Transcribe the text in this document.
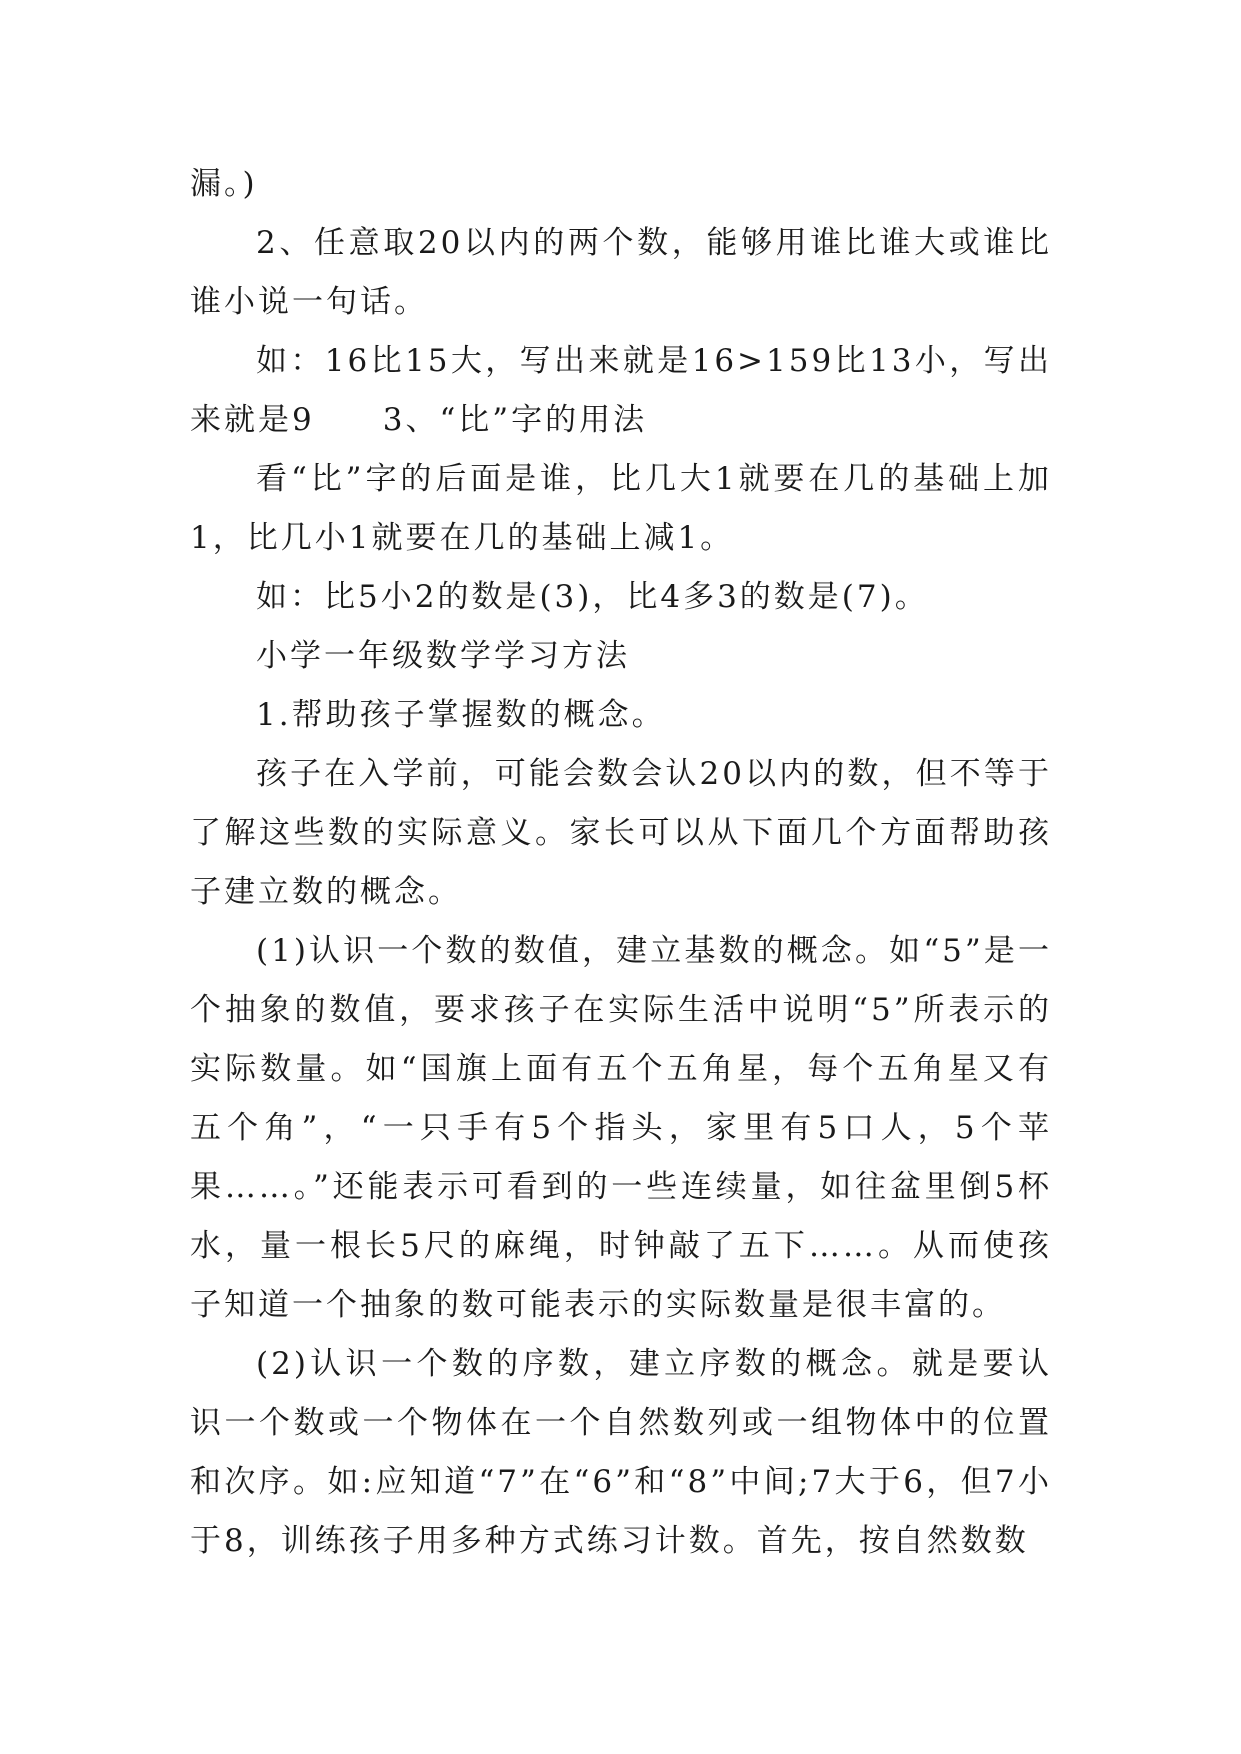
漏。)

2、任意取20以内的两个数，能够用谁比谁大或谁比谁小说一句话。

如：16比15大，写出来就是16>159比13小，写出来就是9　　3、“比”字的用法

看“比”字的后面是谁，比几大1就要在几的基础上加1，比几小1就要在几的基础上减1。

如：比5小2的数是(3)，比4多3的数是(7)。

小学一年级数学学习方法

1.帮助孩子掌握数的概念。

孩子在入学前，可能会数会认20以内的数，但不等于了解这些数的实际意义。家长可以从下面几个方面帮助孩子建立数的概念。

(1)认识一个数的数值，建立基数的概念。如“5”是一个抽象的数值，要求孩子在实际生活中说明“5”所表示的实际数量。如“国旗上面有五个五角星，每个五角星又有五个角”，“一只手有5个指头，家里有5口人，5个苹果……。”还能表示可看到的一些连续量，如往盆里倒5杯水，量一根长5尺的麻绳，时钟敲了五下……。从而使孩子知道一个抽象的数可能表示的实际数量是很丰富的。

(2)认识一个数的序数，建立序数的概念。就是要认识一个数或一个物体在一个自然数列或一组物体中的位置和次序。如:应知道“7”在“6”和“8”中间;7大于6，但7小于8，训练孩子用多种方式练习计数。首先，按自然数数
